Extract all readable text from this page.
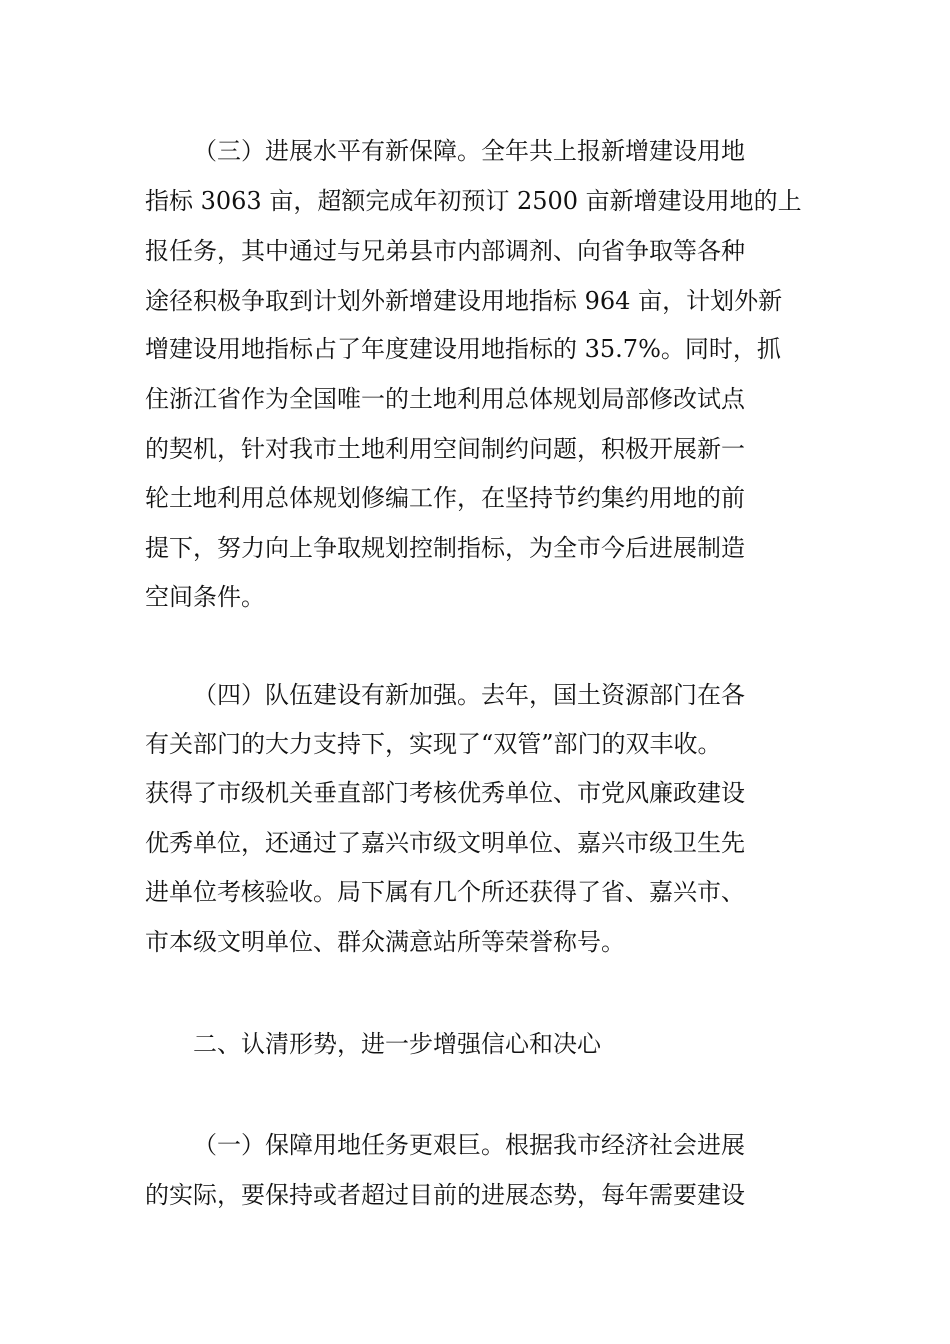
（三）进展水平有新保障。全年共上报新增建设用地
指标 3063 亩，超额完成年初预订 2500 亩新增建设用地的上
报任务，其中通过与兄弟县市内部调剂、向省争取等各种
途径积极争取到计划外新增建设用地指标 964 亩，计划外新
增建设用地指标占了年度建设用地指标的 35.7%。同时，抓
住浙江省作为全国唯一的土地利用总体规划局部修改试点
的契机，针对我市土地利用空间制约问题，积极开展新一
轮土地利用总体规划修编工作，在坚持节约集约用地的前
提下，努力向上争取规划控制指标，为全市今后进展制造
空间条件。
（四）队伍建设有新加强。去年，国土资源部门在各
有关部门的大力支持下，实现了“双管”部门的双丰收。
获得了市级机关垂直部门考核优秀单位、市党风廉政建设
优秀单位，还通过了嘉兴市级文明单位、嘉兴市级卫生先
进单位考核验收。局下属有几个所还获得了省、嘉兴市、
市本级文明单位、群众满意站所等荣誉称号。
二、认清形势，进一步增强信心和决心
（一）保障用地任务更艰巨。根据我市经济社会进展
的实际，要保持或者超过目前的进展态势，每年需要建设
